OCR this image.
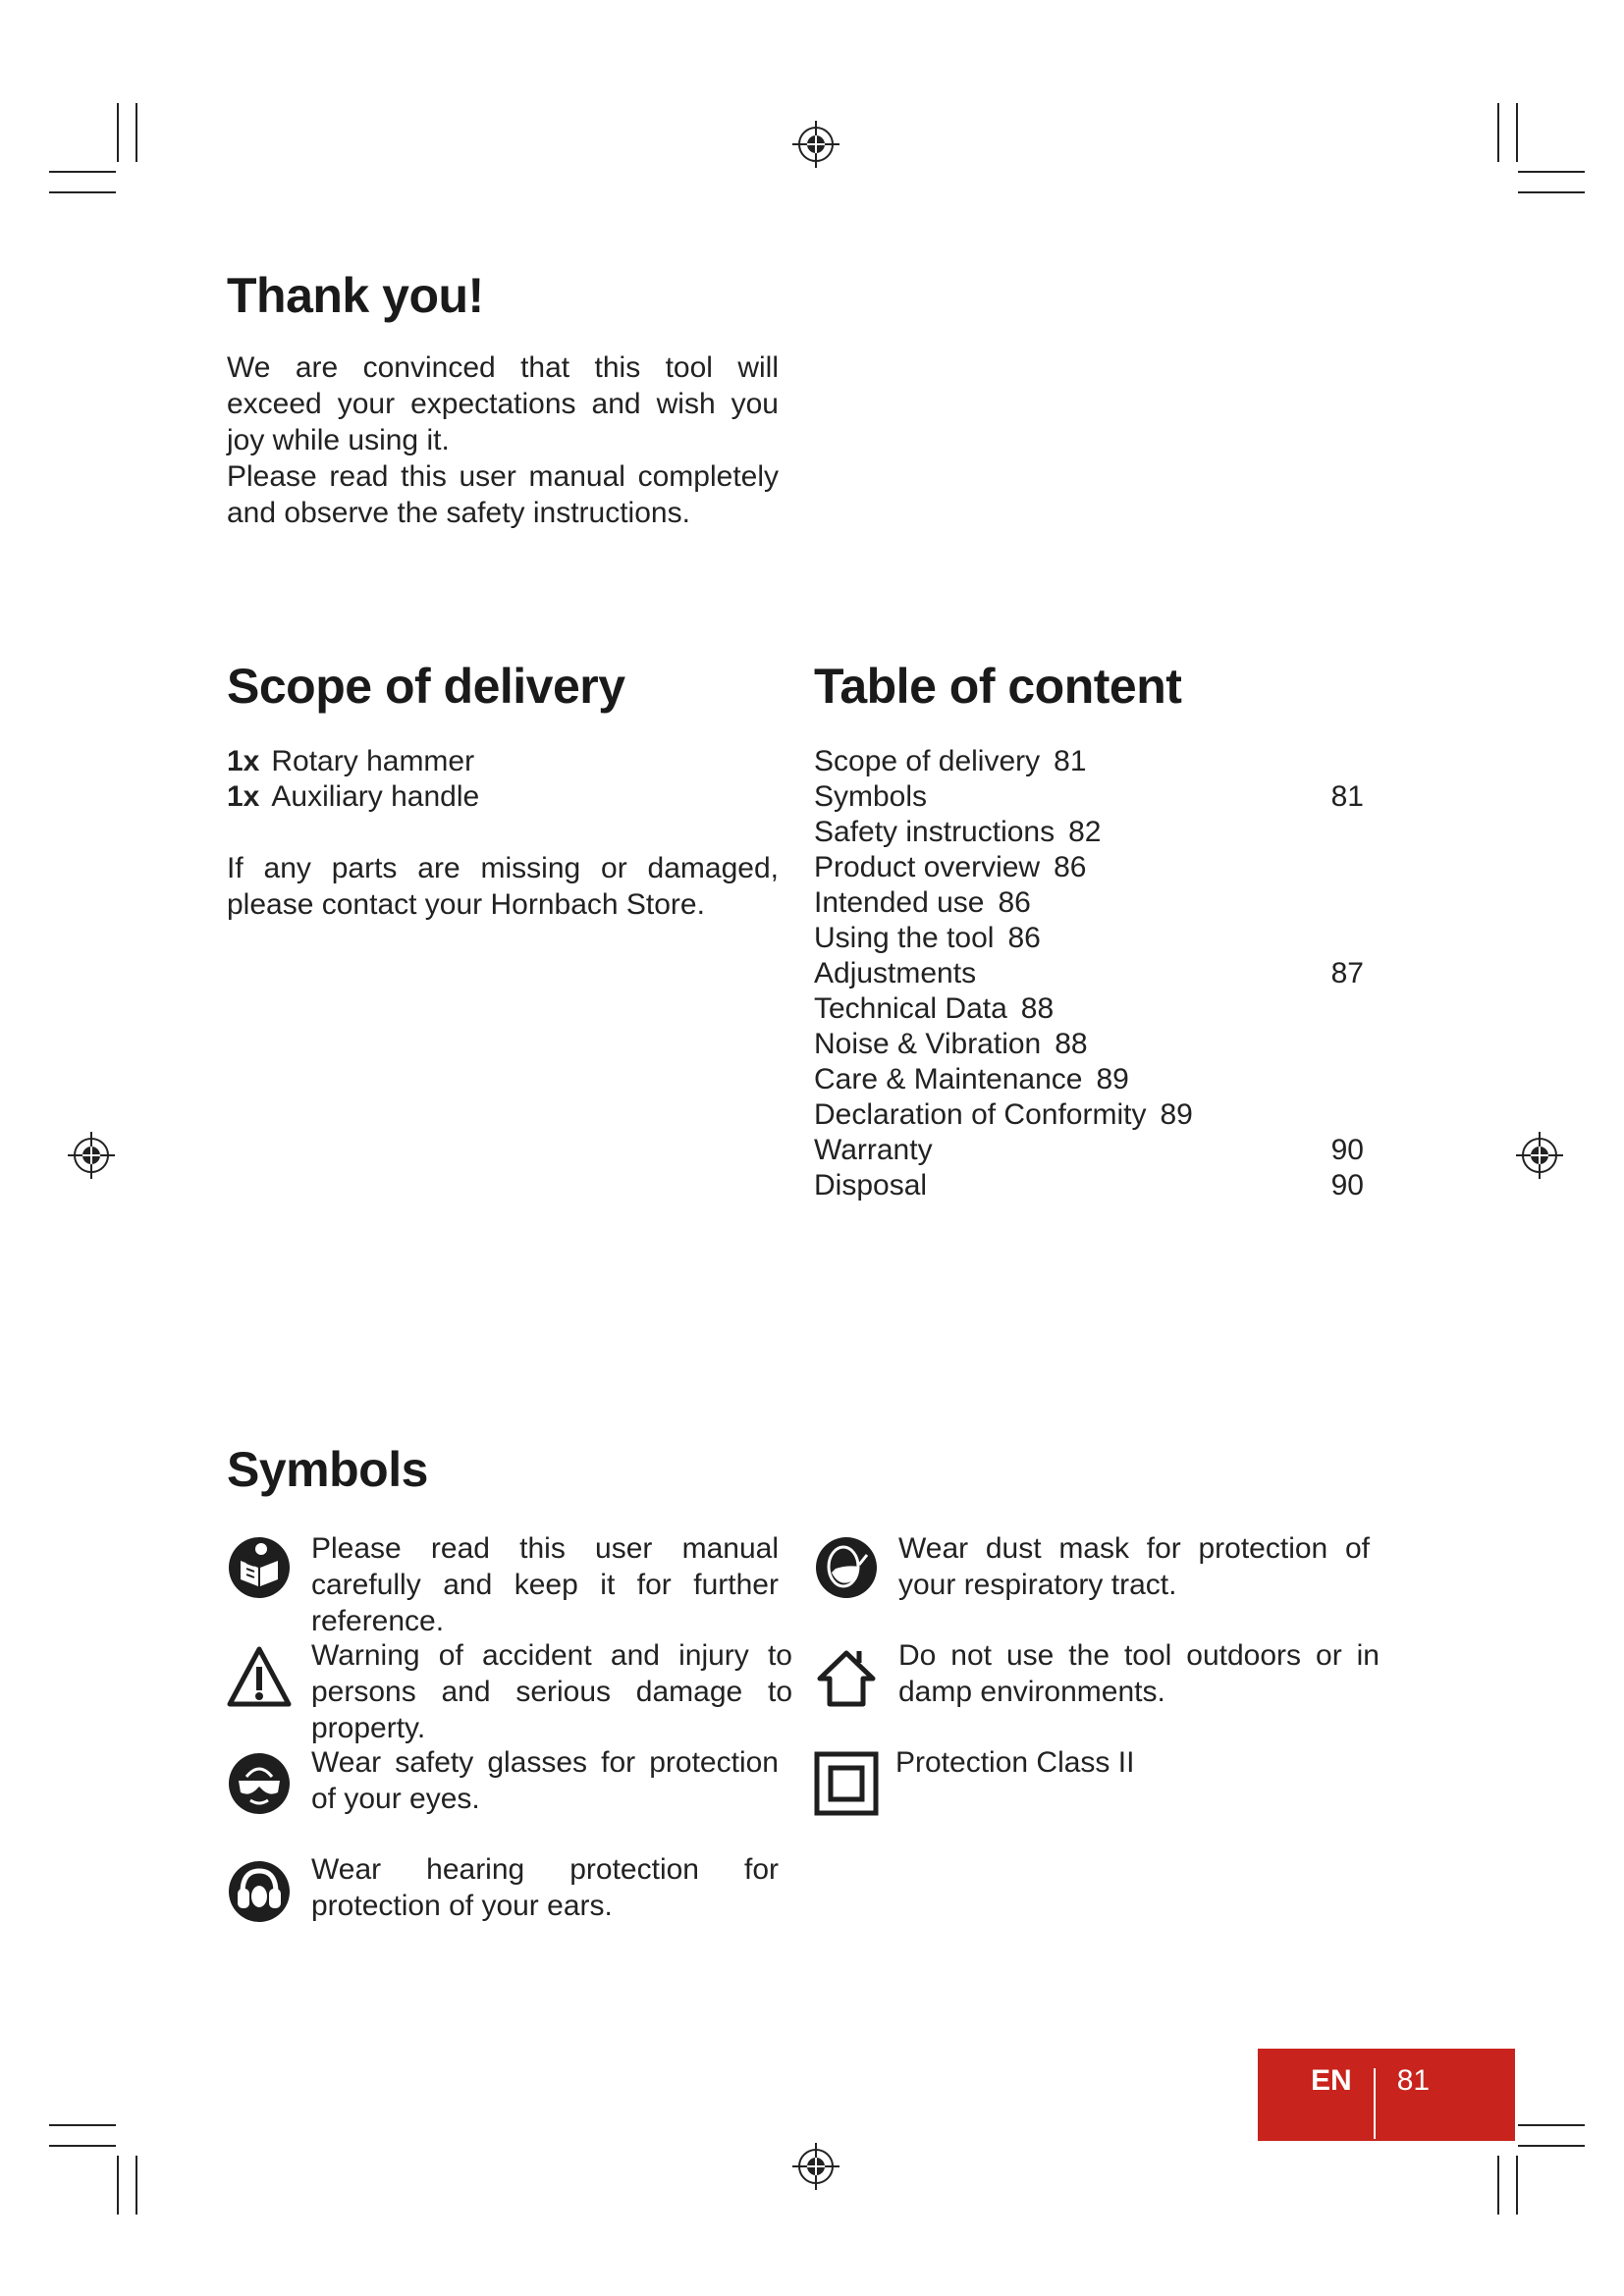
Thank you!

We are convinced that this tool will exceed your expectations and wish you joy while using it.

Please read this user manual completely and observe the safety instructions.

Scope of delivery
1x Rotary hammer
1x Auxiliary handle
If any parts are missing or damaged, please contact your Hornbach Store.
Table of content
Scope of delivery 81
Symbols	81
Safety instructions 82
Product overview 86
Intended use 86
Using the tool 86
Adjustments	87
Technical Data 88
Noise & Vibration 88
Care & Maintenance 89
Declaration of Conformity 89
Warranty	90
Disposal	90
Symbols
Please read this user manual carefully and keep it for further reference.
Warning of accident and injury to persons and serious damage to property.
Wear safety glasses for protection of your eyes.
Wear hearing protection for protection of your ears.
Wear dust mask for protection of your respiratory tract.
Do not use the tool outdoors or in damp environments.
Protection Class II
EN 81
